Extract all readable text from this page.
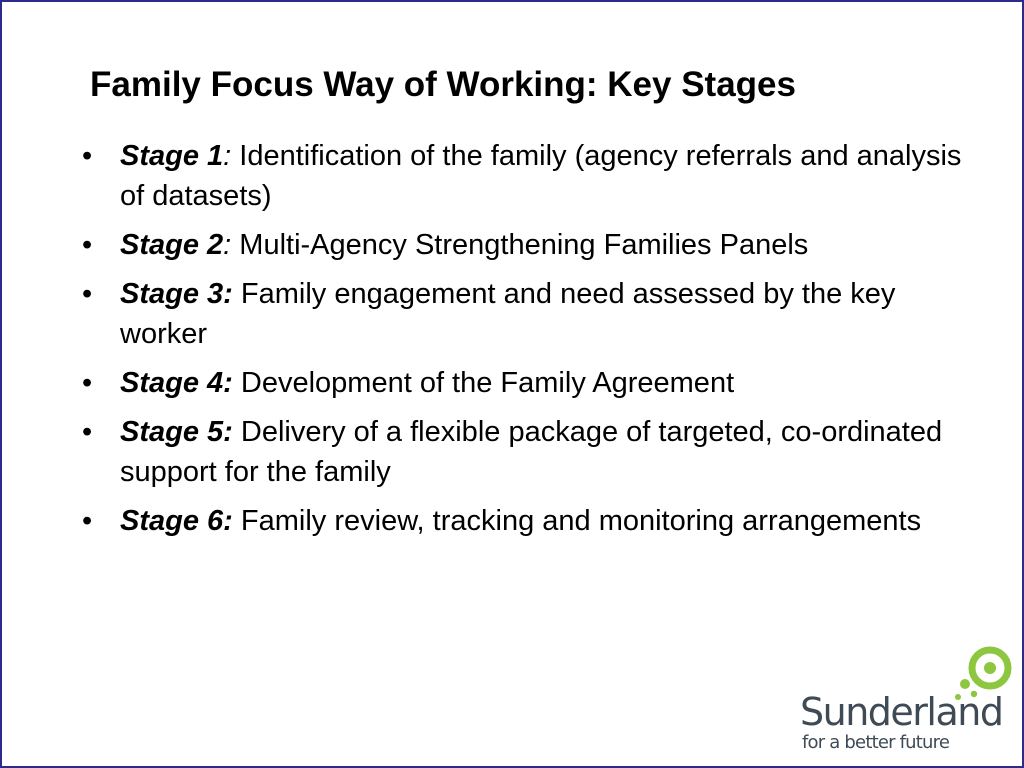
Family Focus Way of Working: Key Stages
• Stage 1: Identification of the family (agency referrals and analysis of datasets)
• Stage 2: Multi-Agency Strengthening Families Panels
• Stage 3: Family engagement and need assessed by the key worker
• Stage 4: Development of the Family Agreement
• Stage 5: Delivery of a flexible package of targeted, co-ordinated support for the family
• Stage 6: Family review, tracking and monitoring arrangements
Sunderland
for a better future
